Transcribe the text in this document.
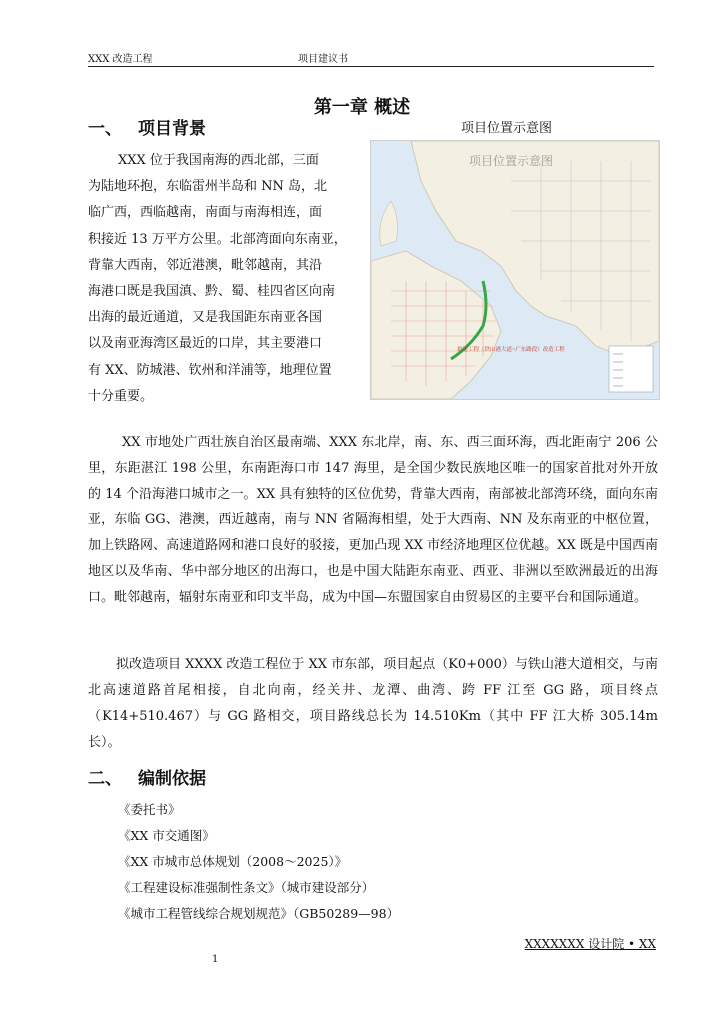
XXX 改造工程	项目建议书
第一章 概述
一、 项目背景	项目位置示意图
项目位置示意图
拟建工程（铁山港大道~广东路段）改造工程
XXX 位于我国南海的西北部，三面
为陆地环抱，东临雷州半岛和 NN 岛，北
临广西，西临越南，南面与南海相连，面
积接近 13 万平方公里。北部湾面向东南亚，
背靠大西南，邻近港澳，毗邻越南，其沿
海港口既是我国滇、黔、蜀、桂四省区向南
出海的最近通道，又是我国距东南亚各国
以及南亚海湾区最近的口岸，其主要港口
有 XX、防城港、钦州和洋浦等，地理位置
十分重要。

XX 市地处广西壮族自治区最南端、XXX 东北岸，南、东、西三面环海，西北距南宁 206 公里，东距湛江 198 公里，东南距海口市 147 海里，是全国少数民族地区唯一的国家首批对外开放的 14 个沿海港口城市之一。XX 具有独特的区位优势，背靠大西南，南部被北部湾环绕，面向东南亚，东临 GG、港澳，西近越南，南与 NN 省隔海相望，处于大西南、NN 及东南亚的中枢位置，加上铁路网、高速道路网和港口良好的驳接，更加凸现 XX 市经济地理区位优越。XX 既是中国西南地区以及华南、华中部分地区的出海口，也是中国大陆距东南亚、西亚、非洲以至欧洲最近的出海口。毗邻越南，辐射东南亚和印支半岛，成为中国—东盟国家自由贸易区的主要平台和国际通道。

拟改造项目 XXXX 改造工程位于 XX 市东部，项目起点（K0+000）与铁山港大道相交，与南北高速道路首尾相接，自北向南，经关井、龙潭、曲湾、跨 FF 江至 GG 路，项目终点（K14+510.467）与 GG 路相交，项目路线总长为 14.510Km（其中 FF 江大桥 305.14m 长）。

二、 编制依据
《委托书》
《XX 市交通图》
《XX 市城市总体规划（2008～2025）》
《工程建设标准强制性条文》（城市建设部分）
《城市工程管线综合规划规范》（GB50289—98）
XXXXXXX 设计院 • XX
1
